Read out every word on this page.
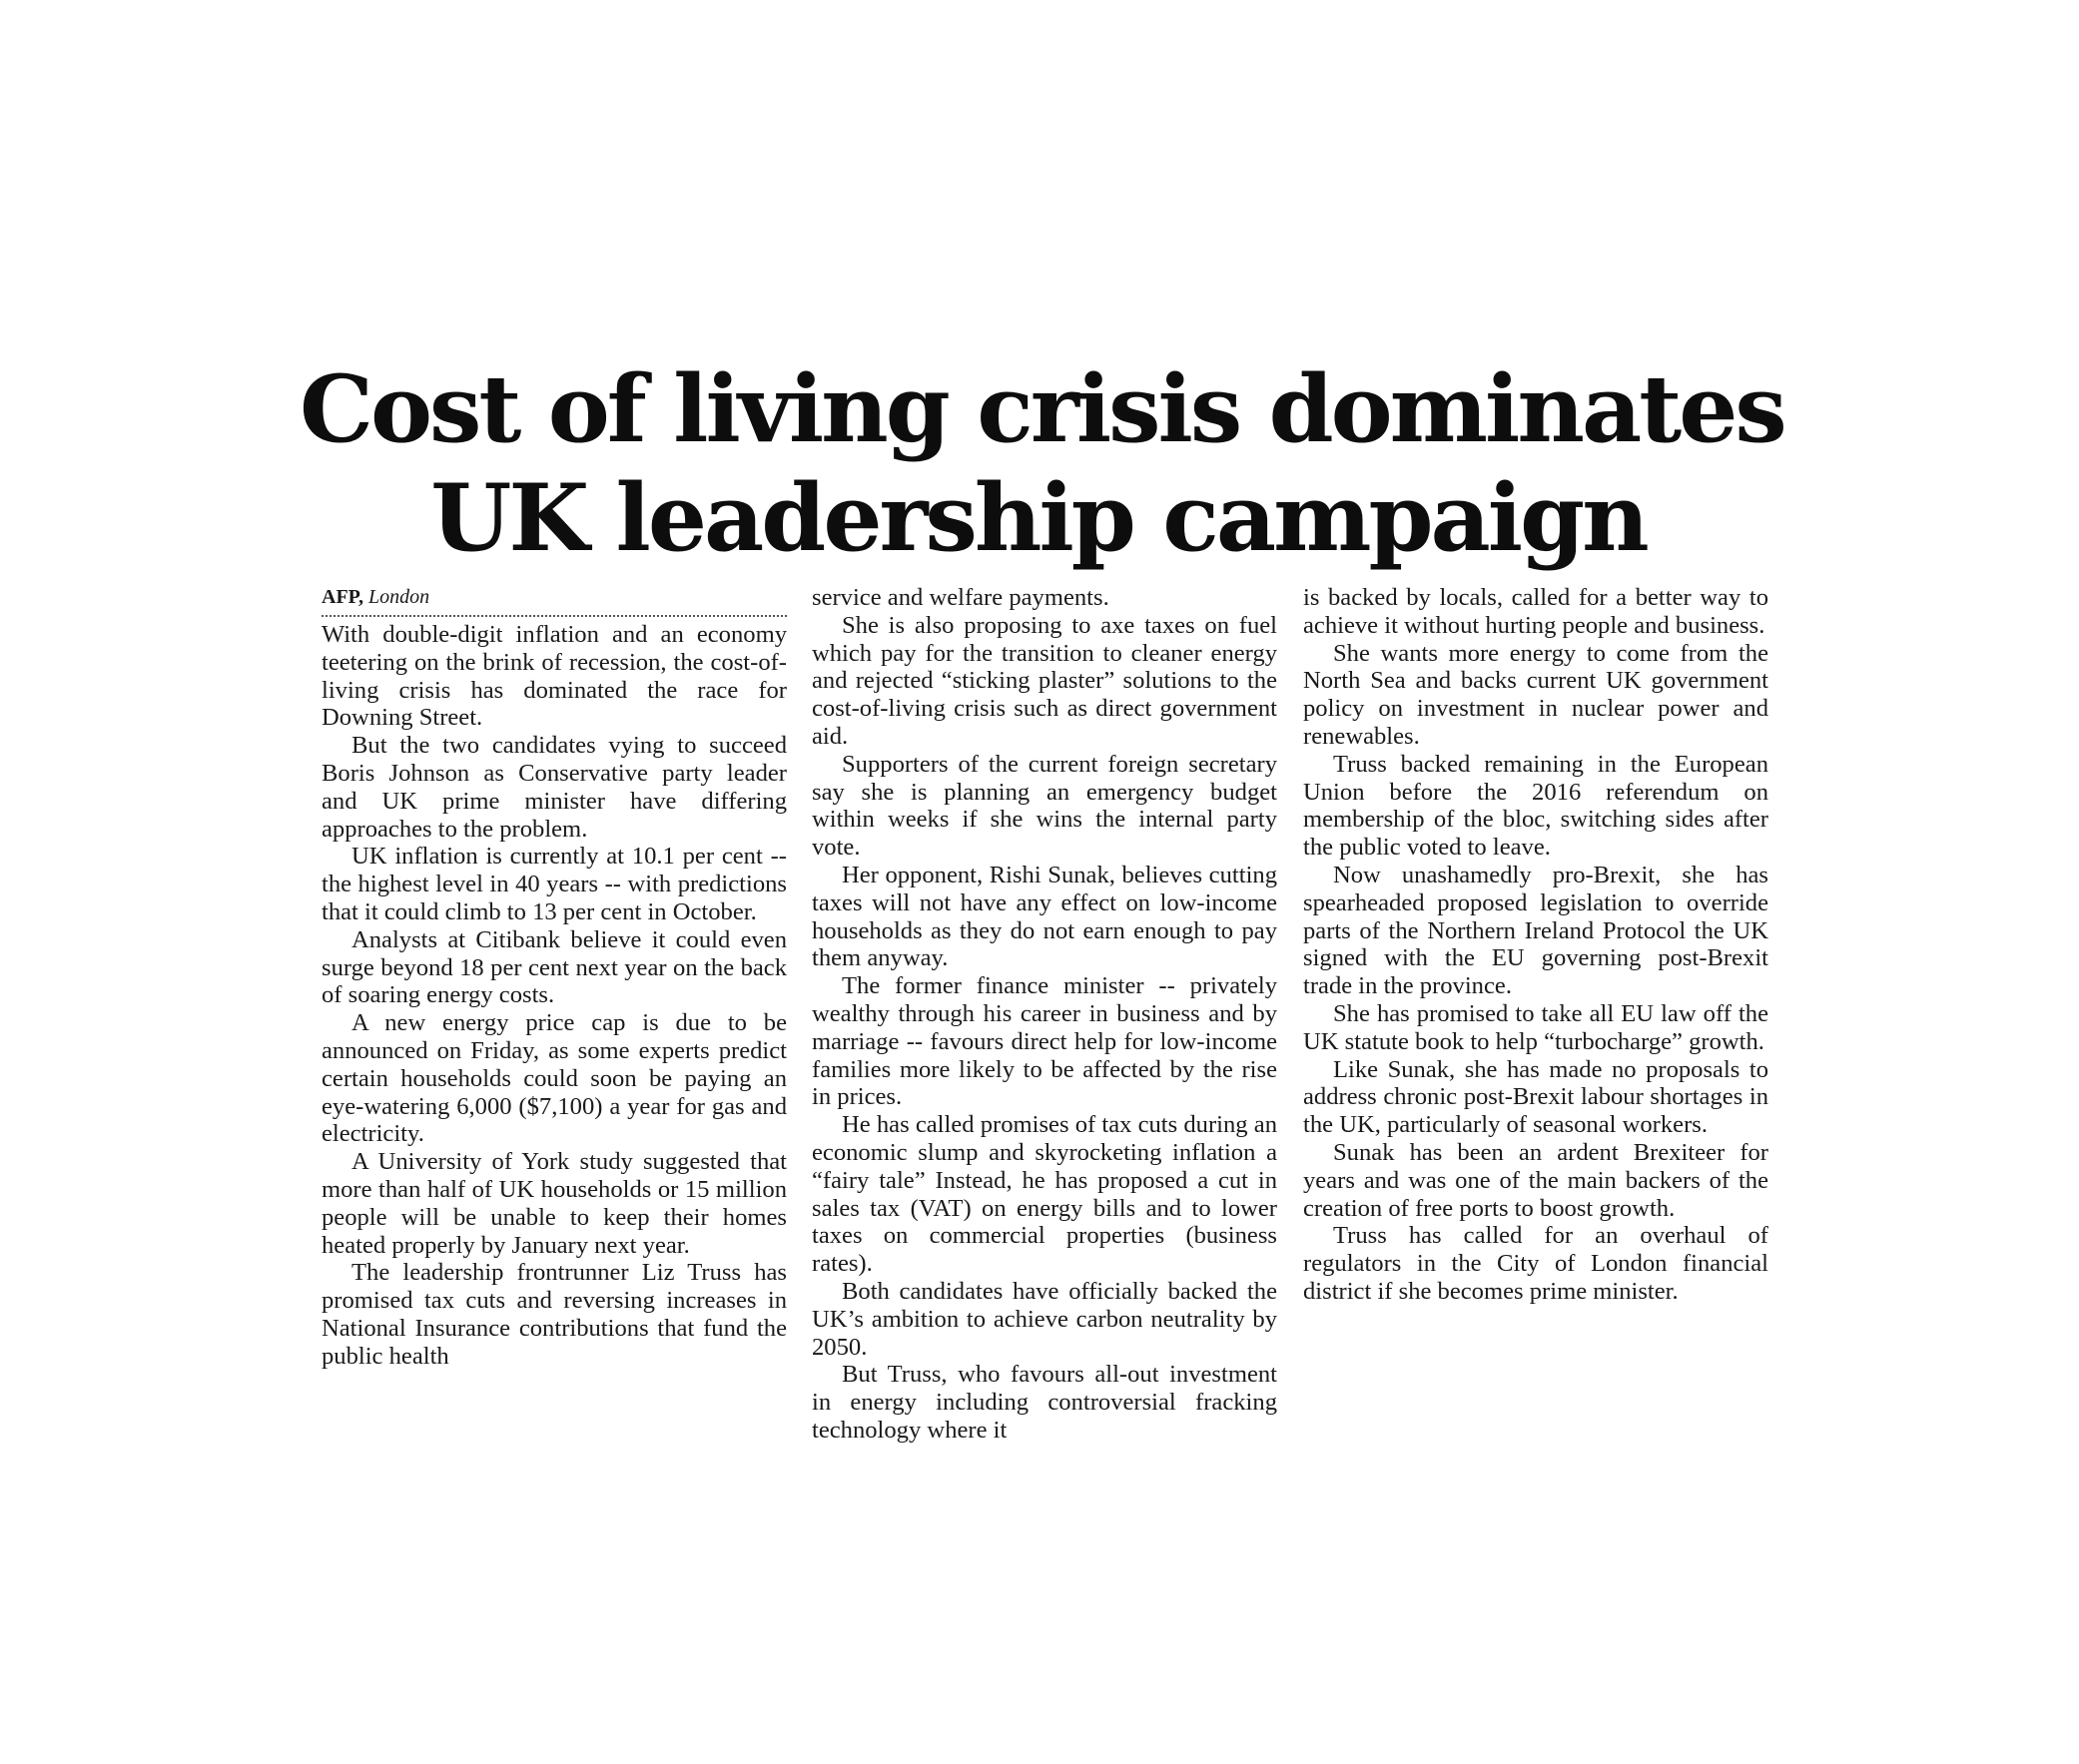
Cost of living crisis dominates
UK leadership campaign
AFP, London

With double-digit inflation and an economy teetering on the brink of recession, the cost-of-living crisis has dominated the race for Downing Street.

But the two candidates vying to succeed Boris Johnson as Conservative party leader and UK prime minister have differing approaches to the problem.

UK inflation is currently at 10.1 per cent -- the highest level in 40 years -- with predictions that it could climb to 13 per cent in October.

Analysts at Citibank believe it could even surge beyond 18 per cent next year on the back of soaring energy costs.

A new energy price cap is due to be announced on Friday, as some experts predict certain households could soon be paying an eye-watering 6,000 ($7,100) a year for gas and electricity.

A University of York study suggested that more than half of UK households or 15 million people will be unable to keep their homes heated properly by January next year.

The leadership frontrunner Liz Truss has promised tax cuts and reversing increases in National Insurance contributions that fund the public health

service and welfare payments.

She is also proposing to axe taxes on fuel which pay for the transition to cleaner energy and rejected “sticking plaster” solutions to the cost-of-living crisis such as direct government aid.

Supporters of the current foreign secretary say she is planning an emergency budget within weeks if she wins the internal party vote.

Her opponent, Rishi Sunak, believes cutting taxes will not have any effect on low-income households as they do not earn enough to pay them anyway.

The former finance minister -- privately wealthy through his career in business and by marriage -- favours direct help for low-income families more likely to be affected by the rise in prices.

He has called promises of tax cuts during an economic slump and skyrocketing inflation a “fairy tale” Instead, he has proposed a cut in sales tax (VAT) on energy bills and to lower taxes on commercial properties (business rates).

Both candidates have officially backed the UK’s ambition to achieve carbon neutrality by 2050.

But Truss, who favours all-out investment in energy including controversial fracking technology where it

is backed by locals, called for a better way to achieve it without hurting people and business.

She wants more energy to come from the North Sea and backs current UK government policy on investment in nuclear power and renewables.

Truss backed remaining in the European Union before the 2016 referendum on membership of the bloc, switching sides after the public voted to leave.

Now unashamedly pro-Brexit, she has spearheaded proposed legislation to override parts of the Northern Ireland Protocol the UK signed with the EU governing post-Brexit trade in the province.

She has promised to take all EU law off the UK statute book to help “turbocharge” growth.

Like Sunak, she has made no proposals to address chronic post-Brexit labour shortages in the UK, particularly of seasonal workers.

Sunak has been an ardent Brexiteer for years and was one of the main backers of the creation of free ports to boost growth.

Truss has called for an overhaul of regulators in the City of London financial district if she becomes prime minister.
